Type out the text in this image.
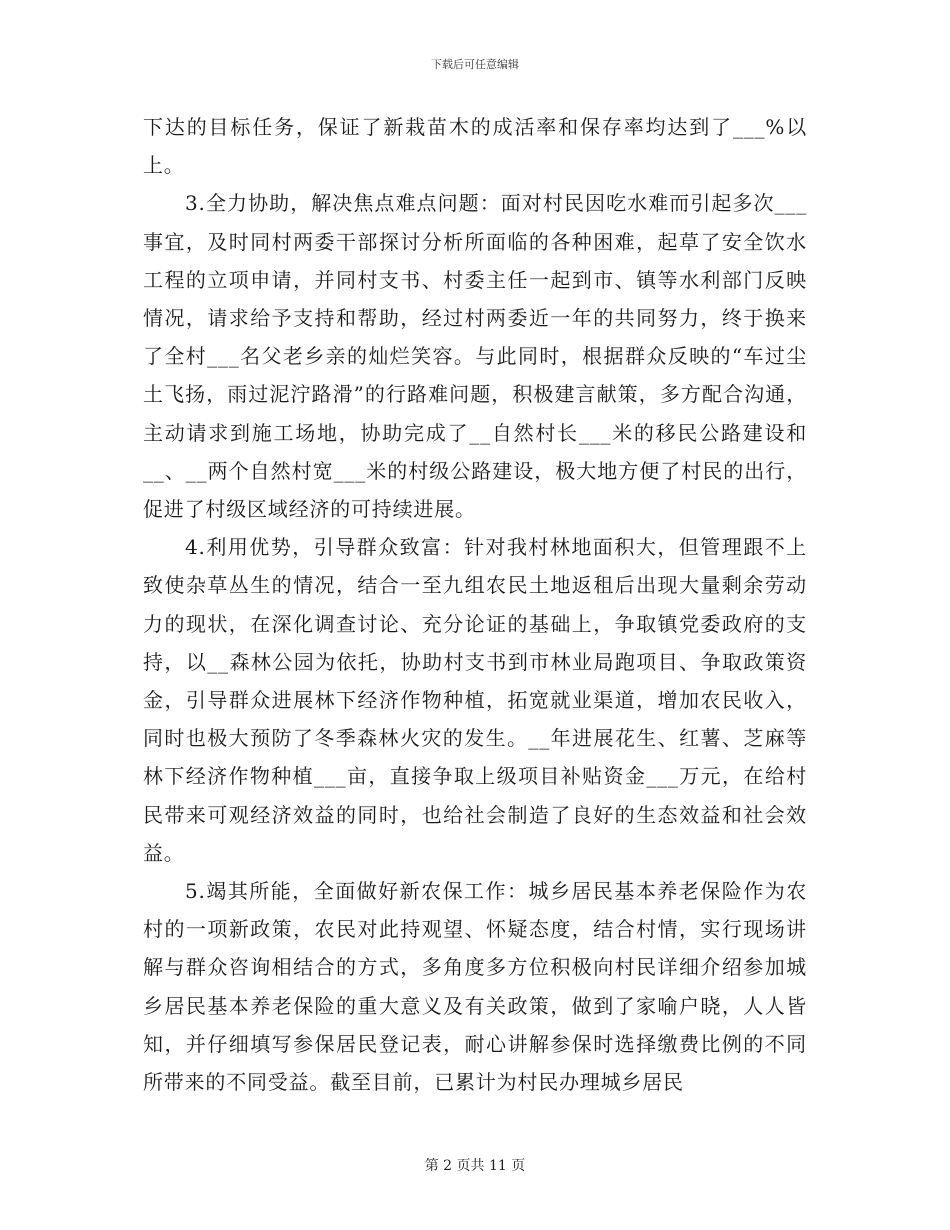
下载后可任意编辑

下达的目标任务，保证了新栽苗木的成活率和保存率均达到了___%以上。

3.全力协助，解决焦点难点问题：面对村民因吃水难而引起多次___事宜，及时同村两委干部探讨分析所面临的各种困难，起草了安全饮水工程的立项申请，并同村支书、村委主任一起到市、镇等水利部门反映情况，请求给予支持和帮助，经过村两委近一年的共同努力，终于换来了全村___名父老乡亲的灿烂笑容。与此同时，根据群众反映的“车过尘土飞扬，雨过泥泞路滑”的行路难问题，积极建言献策，多方配合沟通，主动请求到施工场地，协助完成了__自然村长___米的移民公路建设和__、__两个自然村宽___米的村级公路建设，极大地方便了村民的出行，促进了村级区域经济的可持续进展。

4.利用优势，引导群众致富：针对我村林地面积大，但管理跟不上致使杂草丛生的情况，结合一至九组农民土地返租后出现大量剩余劳动力的现状，在深化调查讨论、充分论证的基础上，争取镇党委政府的支持，以__森林公园为依托，协助村支书到市林业局跑项目、争取政策资金，引导群众进展林下经济作物种植，拓宽就业渠道，增加农民收入，同时也极大预防了冬季森林火灾的发生。__年进展花生、红薯、芝麻等林下经济作物种植___亩，直接争取上级项目补贴资金___万元，在给村民带来可观经济效益的同时，也给社会制造了良好的生态效益和社会效益。

5.竭其所能，全面做好新农保工作：城乡居民基本养老保险作为农村的一项新政策，农民对此持观望、怀疑态度，结合村情，实行现场讲解与群众咨询相结合的方式，多角度多方位积极向村民详细介绍参加城乡居民基本养老保险的重大意义及有关政策，做到了家喻户晓，人人皆知，并仔细填写参保居民登记表，耐心讲解参保时选择缴费比例的不同所带来的不同受益。截至目前，已累计为村民办理城乡居民

第 2 页共 11 页
